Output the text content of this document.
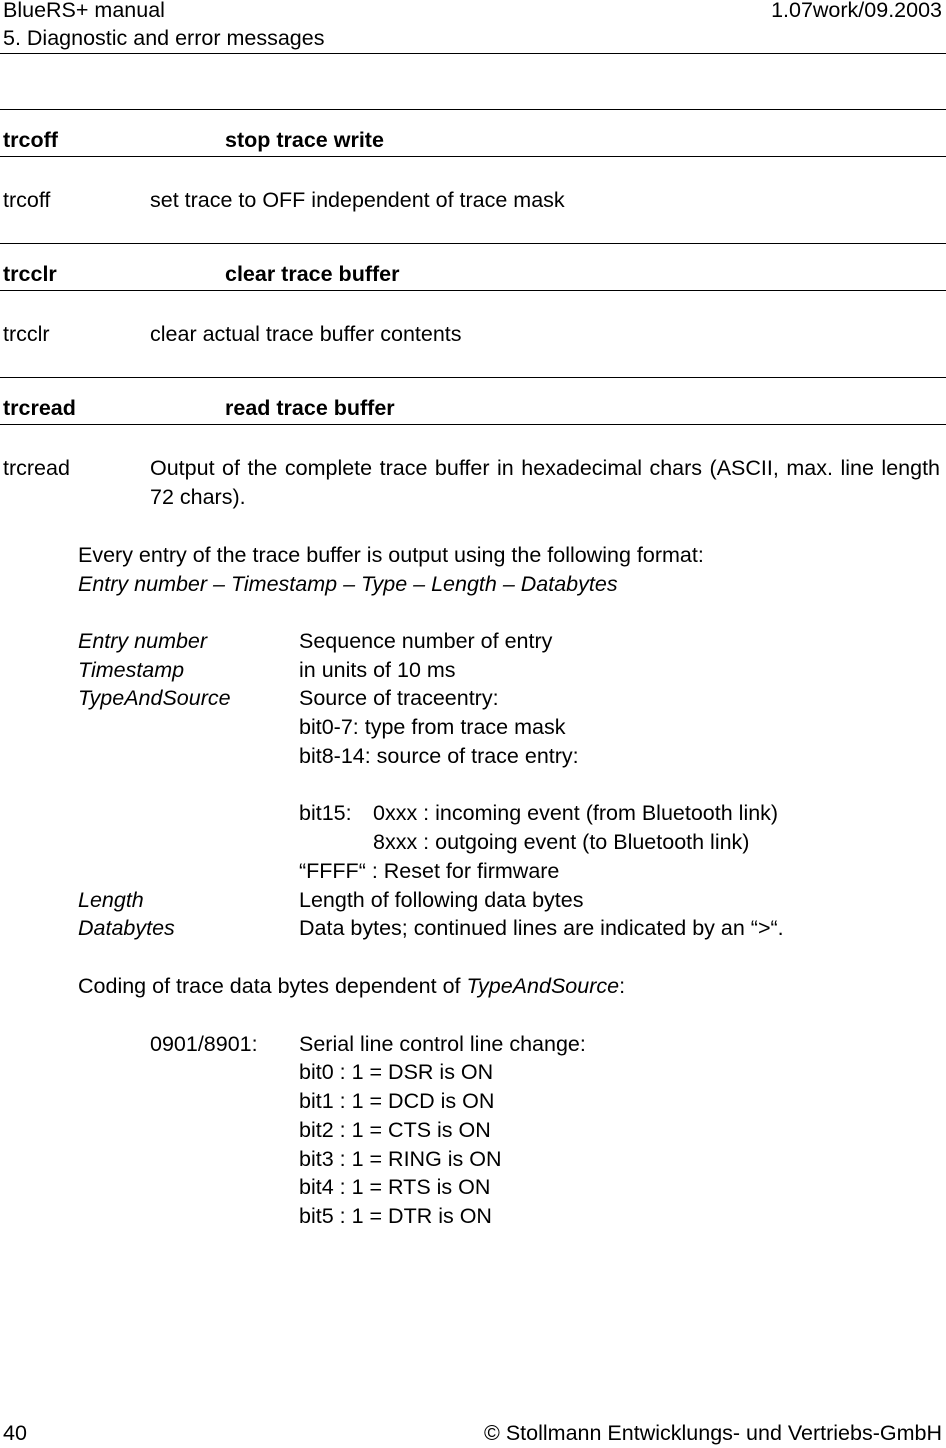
BlueRS+ manual	1.07work/09.2003
5. Diagnostic and error messages
trcoff	stop trace write
trcoff	set trace to OFF independent of trace mask
trcclr	clear trace buffer
trcclr	clear actual trace buffer contents
trcread	read trace buffer
trcread	Output of the complete trace buffer in hexadecimal chars (ASCII, max. line length 72 chars).
Every entry of the trace buffer is output using the following format:
Entry number – Timestamp – Type – Length – Databytes
Entry number	Sequence number of entry
Timestamp	in units of 10 ms
TypeAndSource	Source of traceentry:
bit0-7: type from trace mask
bit8-14: source of trace entry:
bit15: 0xxx : incoming event (from Bluetooth link)
8xxx : outgoing event (to Bluetooth link)
“FFFF“ : Reset for firmware
Length	Length of following data bytes
Databytes	Data bytes; continued lines are indicated by an “>“.
Coding of trace data bytes dependent of TypeAndSource:
0901/8901: Serial line control line change:
bit0 : 1 = DSR is ON
bit1 : 1 = DCD is ON
bit2 : 1 = CTS is ON
bit3 : 1 = RING is ON
bit4 : 1 = RTS is ON
bit5 : 1 = DTR is ON
40	© Stollmann Entwicklungs- und Vertriebs-GmbH
